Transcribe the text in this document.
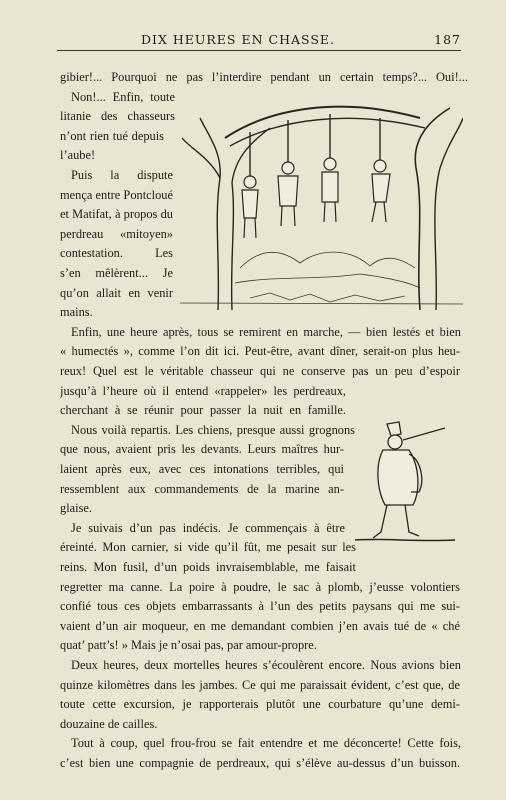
DIX HEURES EN CHASSE.	187
gibier!... Pourquoi ne pas l’interdire pendant un certain temps?... Oui!...
Non!... Enfin, toute
litanie des chasseurs
n’ont rien tué depuis
l’aube!
Puis la dispute
mença entre Pontcloué
et Matifat, à propos du
perdreau «mitoyen»
contestation. Les
s’en mêlèrent... Je
qu’on allait en venir
mains.
Enfin, une heure après, tous se remirent en marche, — bien lestés et bien
« humectés », comme l’on dit ici. Peut-être, avant dîner, serait-on plus heu-
reux! Quel est le véritable chasseur qui ne conserve pas un peu d’espoir
jusqu’à l’heure où il entend «rappeler» les perdreaux,
cherchant à se réunir pour passer la nuit en famille.
Nous voilà repartis. Les chiens, presque aussi grognons
que nous, avaient pris les devants. Leurs maîtres hur-
laient après eux, avec ces intonations terribles, qui
ressemblent aux commandements de la marine an-
glaise.
Je suivais d’un pas indécis. Je commençais à être
éreinté. Mon carnier, si vide qu’il fût, me pesait sur les
reins. Mon fusil, d’un poids invraisemblable, me faisait
regretter ma canne. La poire à poudre, le sac à plomb, j’eusse volontiers
confié tous ces objets embarrassants à l’un des petits paysans qui me sui-
vaient d’un air moqueur, en me demandant combien j’en avais tué de « ché
quat’ patt’s! » Mais je n’osai pas, par amour-propre.
Deux heures, deux mortelles heures s’écoulèrent encore. Nous avions bien
quinze kilomètres dans les jambes. Ce qui me paraissait évident, c’est que, de
toute cette excursion, je rapporterais plutôt une courbature qu’une demi-
douzaine de cailles.
Tout à coup, quel frou-frou se fait entendre et me déconcerte! Cette fois,
c’est bien une compagnie de perdreaux, qui s’élève au-dessus d’un buisson.
